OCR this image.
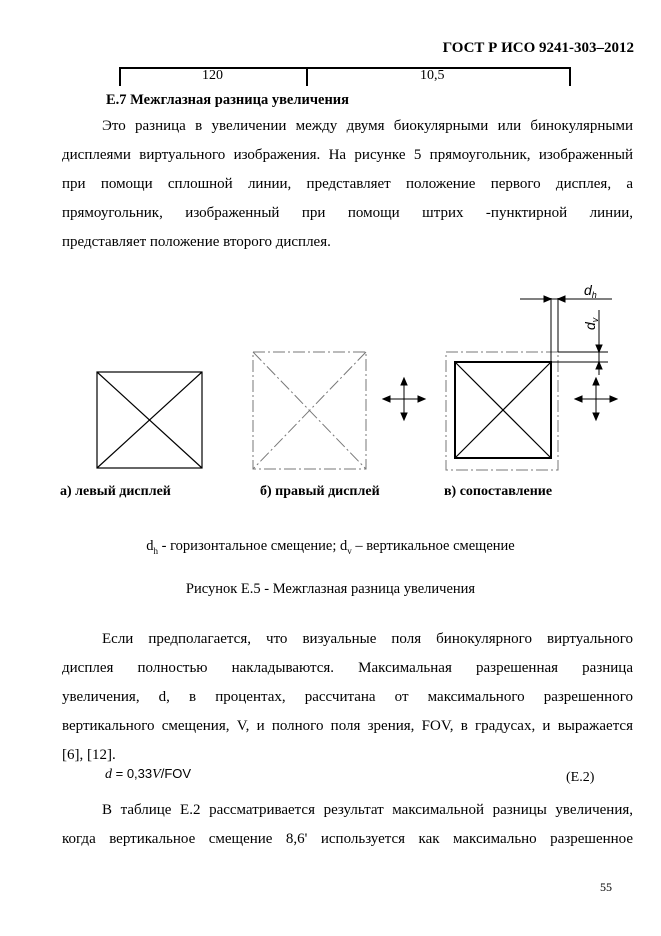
ГОСТ Р ИСО 9241-303–2012
120	10,5
Е.7 Межглазная разница увеличения
Это разница в увеличении между двумя биокулярными или бинокулярными
дисплеями виртуального изображения. На рисунке 5 прямоугольник, изображенный
при помощи сплошной линии, представляет положение первого дисплея, а
прямоугольник, изображенный при помощи штрих -пунктирной линии,
представляет положение второго дисплея.
$d_h$
$d_v$
а) левый дисплей	б) правый дисплей	в) сопоставление
$d_h$ - горизонтальное смещение; $d_v$ – вертикальное смещение
Рисунок Е.5 - Межглазная разница увеличения
Если предполагается, что визуальные поля бинокулярного виртуального
дисплея полностью накладываются. Максимальная разрешенная разница
увеличения, d, в процентах, рассчитана от максимального разрешенного
вертикального смещения, V, и полного поля зрения, FOV, в градусах, и выражается
[6], [12].
d = 0,33V/FOV	(E.2)
В таблице Е.2 рассматривается результат максимальной разницы увеличения,
когда вертикальное смещение 8,6' используется как максимально разрешенное
55
